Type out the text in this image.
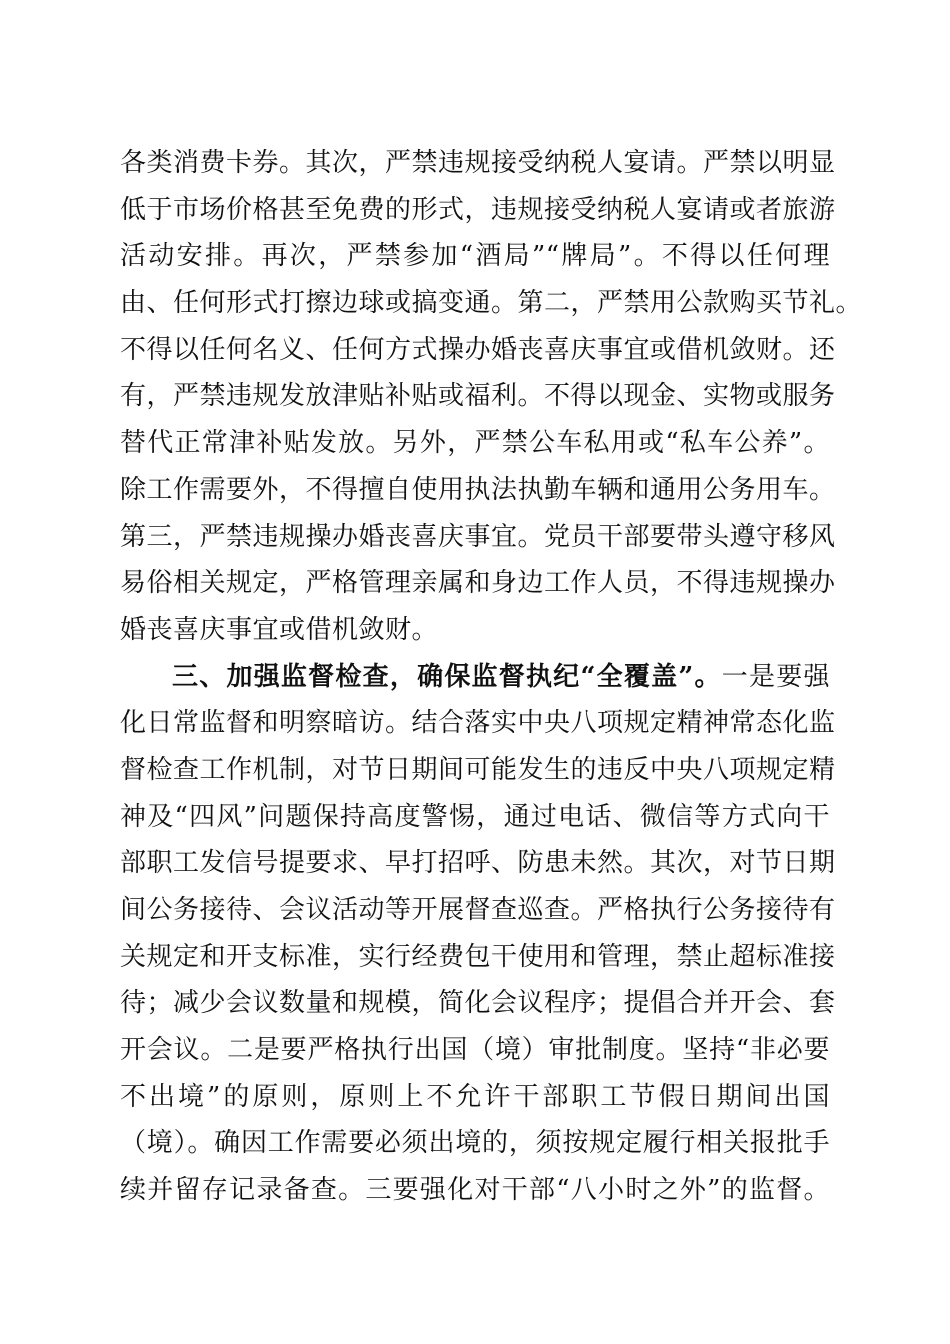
各类消费卡券。其次，严禁违规接受纳税人宴请。严禁以明显
低于市场价格甚至免费的形式，违规接受纳税人宴请或者旅游
活动安排。再次，严禁参加“酒局”“牌局”。不得以任何理
由、任何形式打擦边球或搞变通。第二，严禁用公款购买节礼。
不得以任何名义、任何方式操办婚丧喜庆事宜或借机敛财。还
有，严禁违规发放津贴补贴或福利。不得以现金、实物或服务
替代正常津补贴发放。另外，严禁公车私用或“私车公养”。
除工作需要外，不得擅自使用执法执勤车辆和通用公务用车。
第三，严禁违规操办婚丧喜庆事宜。党员干部要带头遵守移风
易俗相关规定，严格管理亲属和身边工作人员，不得违规操办
婚丧喜庆事宜或借机敛财。
三、加强监督检查，确保监督执纪“全覆盖”。一是要强
化日常监督和明察暗访。结合落实中央八项规定精神常态化监
督检查工作机制，对节日期间可能发生的违反中央八项规定精
神及“四风”问题保持高度警惕，通过电话、微信等方式向干
部职工发信号提要求、早打招呼、防患未然。其次，对节日期
间公务接待、会议活动等开展督查巡查。严格执行公务接待有
关规定和开支标准，实行经费包干使用和管理，禁止超标准接
待；减少会议数量和规模，简化会议程序；提倡合并开会、套
开会议。二是要严格执行出国（境）审批制度。坚持“非必要
不出境”的原则，原则上不允许干部职工节假日期间出国
（境）。确因工作需要必须出境的，须按规定履行相关报批手
续并留存记录备查。三要强化对干部“八小时之外”的监督。
